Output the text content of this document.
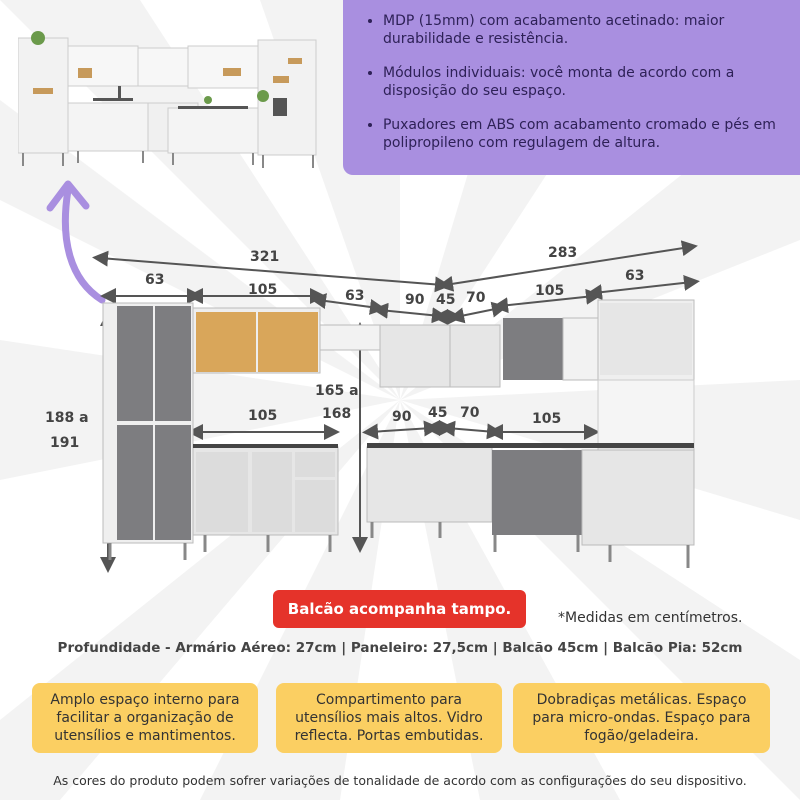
• MDP (15mm) com acabamento acetinado: maior durabilidade e resistência.
• Módulos individuais: você monta de acordo com a disposição do seu espaço.
• Puxadores em ABS com acabamento cromado e pés em polipropileno com regulagem de altura.
321	283
63
105	63	90 45 70	105
63
188 a
191
165 a
168
105	90 45 70	105
Balcão acompanha tampo.	*Medidas em centímetros.
Profundidade - Armário Aéreo: 27cm | Paneleiro: 27,5cm | Balcão 45cm | Balcão Pia: 52cm
Amplo espaço interno para facilitar a organização de utensílios e mantimentos.
Compartimento para utensílios mais altos. Vidro reflecta. Portas embutidas.
Dobradiças metálicas. Espaço para micro-ondas. Espaço para fogão/geladeira.
As cores do produto podem sofrer variações de tonalidade de acordo com as configurações do seu dispositivo.
